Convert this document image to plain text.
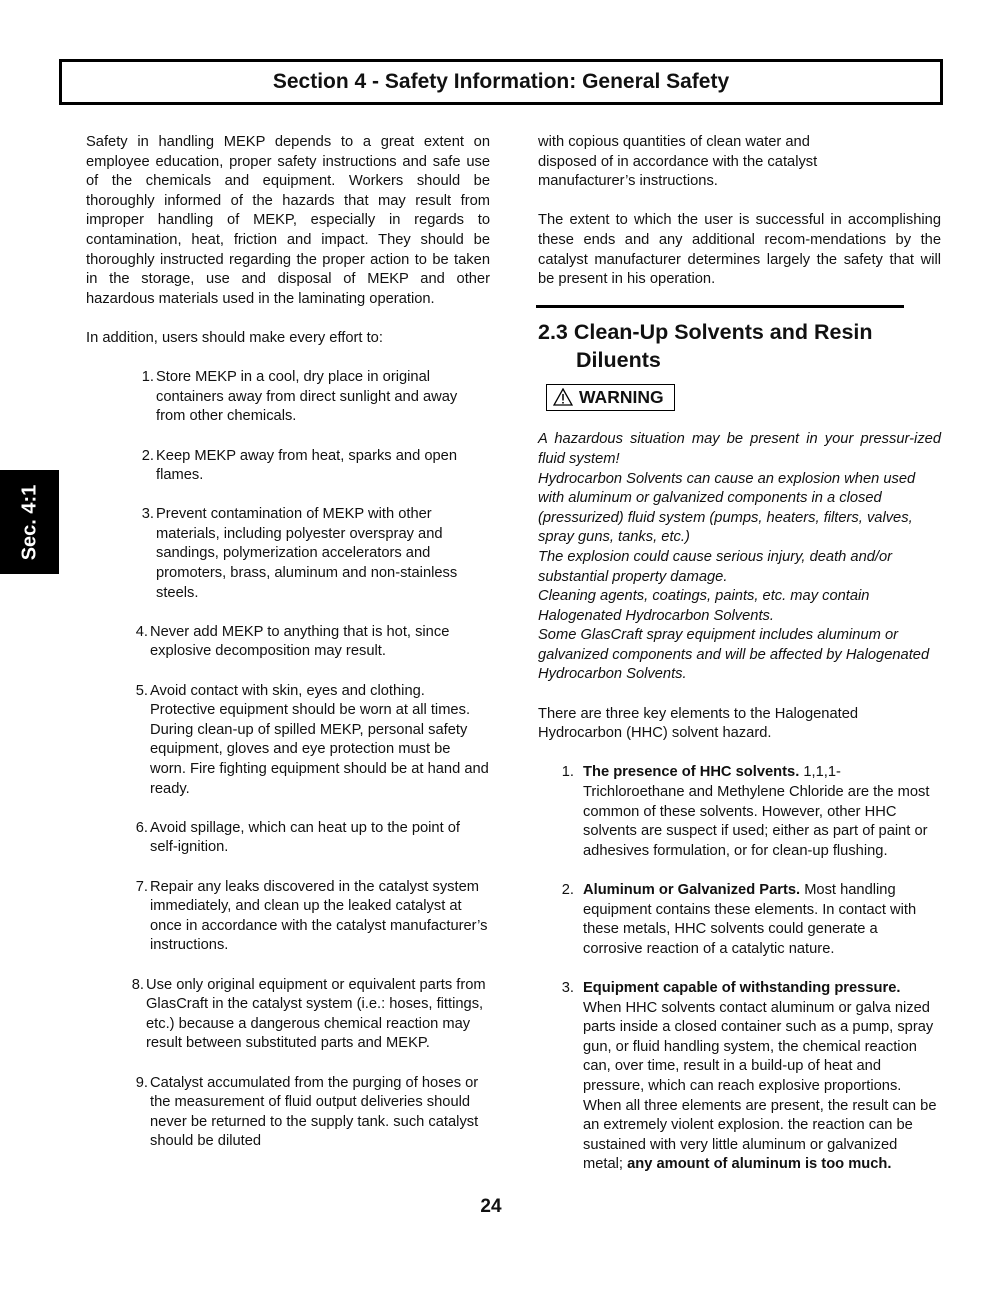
Section 4 - Safety Information: General Safety
Sec. 4:1

Safety in handling MEKP depends to a great extent on employee education, proper safety instructions and safe use of the chemicals and equipment. Workers should be thoroughly informed of the hazards that may result from improper handling of MEKP, especially in regards to contamination, heat, friction and impact. They should be thoroughly instructed regarding the proper action to be taken in the storage, use and disposal of MEKP and other hazardous materials used in the laminating operation.

In addition, users should make every effort to:

1. Store MEKP in a cool, dry place in original containers away from direct sunlight and away from other chemicals.
2. Keep MEKP away from heat, sparks and open flames.
3. Prevent contamination of MEKP with other materials, including polyester overspray and sandings, polymerization accelerators and promoters, brass, aluminum and non-stainless steels.
4. Never add MEKP to anything that is hot, since explosive decomposition may result.
5. Avoid contact with skin, eyes and clothing. Protective equipment should be worn at all times. During clean-up of spilled MEKP, personal safety equipment, gloves and eye protection must be worn. Fire fighting equipment should be at hand and ready.
6. Avoid spillage, which can heat up to the point of self-ignition.
7. Repair any leaks discovered in the catalyst system immediately, and clean up the leaked catalyst at once in accordance with the catalyst manufacturer’s instructions.
8. Use only original equipment or equivalent parts from GlasCraft in the catalyst system (i.e.: hoses, fittings, etc.) because a dangerous chemical reaction may result between substituted parts and MEKP.
9. Catalyst accumulated from the purging of hoses or the measurement of fluid output deliveries should never be returned to the supply tank. such catalyst should be diluted

with copious quantities of clean water and disposed of in accordance with the catalyst manufacturer’s instructions.

The extent to which the user is successful in accomplishing these ends and any additional recom-mendations by the catalyst manufacturer determines largely the safety that will be present in his operation.

2.3 Clean-Up Solvents and Resin
Diluents
WARNING

A hazardous situation may be present in your pressur-ized fluid system!

Hydrocarbon Solvents can cause an explosion when used with aluminum or galvanized components in a closed (pressurized) fluid system (pumps, heaters, filters, valves, spray guns, tanks, etc.)

The explosion could cause serious injury, death and/or substantial property damage.

Cleaning agents, coatings, paints, etc. may contain Halogenated Hydrocarbon Solvents.

Some GlasCraft spray equipment includes aluminum or galvanized components and will be affected by Halogenated Hydrocarbon Solvents.

There are three key elements to the Halogenated Hydrocarbon (HHC) solvent hazard.

1. The presence of HHC solvents. 1,1,1-Trichloroethane and Methylene Chloride are the most common of these solvents. However, other HHC solvents are suspect if used; either as part of paint or adhesives formulation, or for clean-up flushing.
2. Aluminum or Galvanized Parts. Most handling equipment contains these elements. In contact with these metals, HHC solvents could generate a corrosive reaction of a catalytic nature.
3. Equipment capable of withstanding pressure. When HHC solvents contact aluminum or galva nized parts inside a closed container such as a pump, spray gun, or fluid handling system, the chemical reaction can, over time, result in a build-up of heat and pressure, which can reach explosive proportions. When all three elements are present, the result can be an extremely violent explosion. the reaction can be sustained with very little aluminum or galvanized metal; any amount of aluminum is too much.
24
